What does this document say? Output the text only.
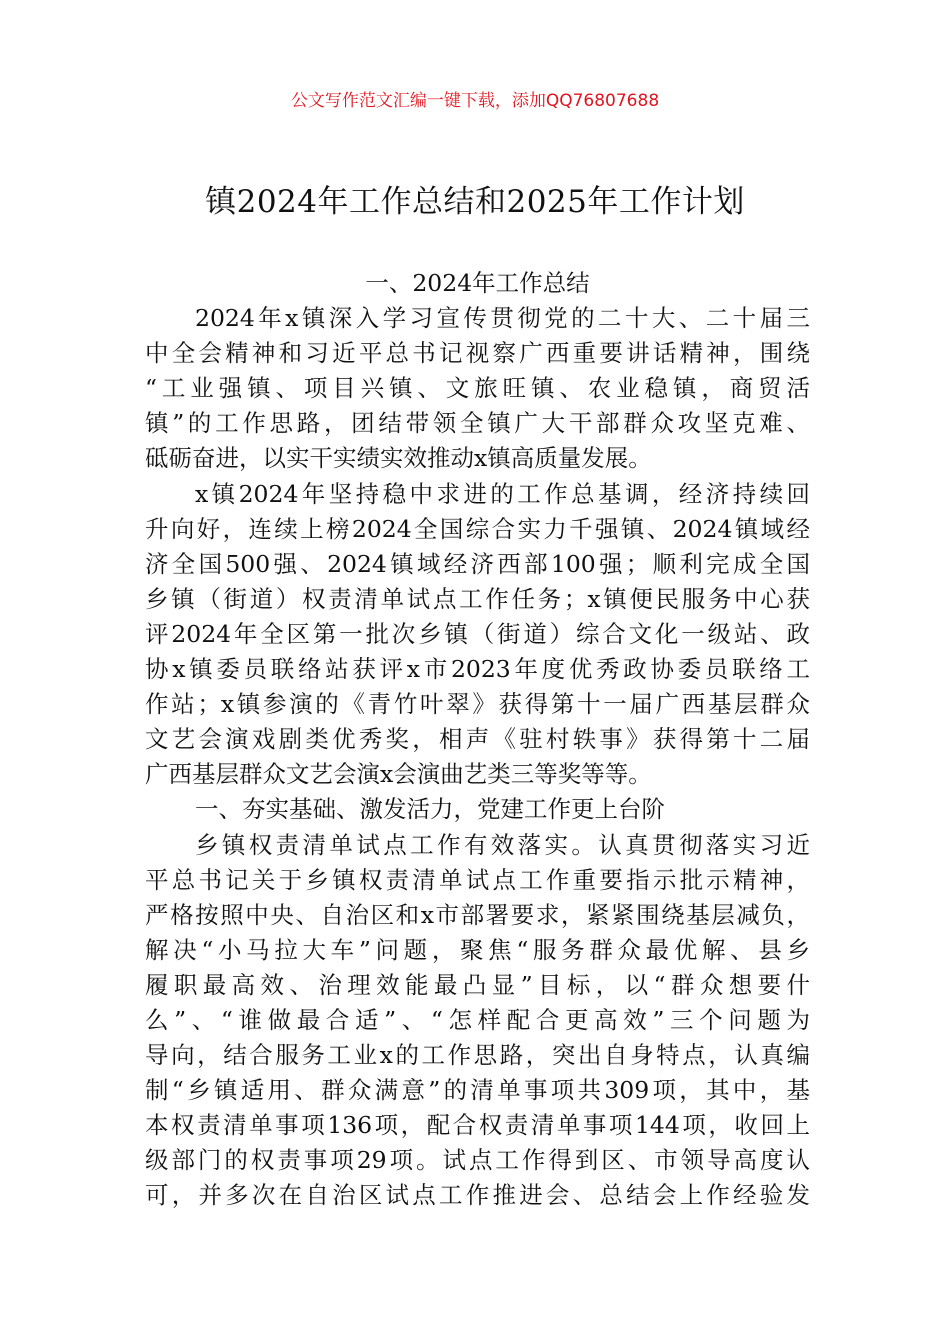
公文写作范文汇编一键下载，添加QQ76807688
镇2024年工作总结和2025年工作计划
一、2024年工作总结
2024年x镇深入学习宣传贯彻党的二十大、二十届三
中全会精神和习近平总书记视察广西重要讲话精神，围绕
“工业强镇、项目兴镇、文旅旺镇、农业稳镇，商贸活
镇”的工作思路，团结带领全镇广大干部群众攻坚克难、
砥砺奋进，以实干实绩实效推动x镇高质量发展。
x镇2024年坚持稳中求进的工作总基调，经济持续回
升向好，连续上榜2024全国综合实力千强镇、2024镇域经
济全国500强、2024镇域经济西部100强；顺利完成全国
乡镇（街道）权责清单试点工作任务；x镇便民服务中心获
评2024年全区第一批次乡镇（街道）综合文化一级站、政
协x镇委员联络站获评x市2023年度优秀政协委员联络工
作站；x镇参演的《青竹叶翠》获得第十一届广西基层群众
文艺会演戏剧类优秀奖，相声《驻村轶事》获得第十二届
广西基层群众文艺会演x会演曲艺类三等奖等等。
一、夯实基础、激发活力，党建工作更上台阶
乡镇权责清单试点工作有效落实。认真贯彻落实习近
平总书记关于乡镇权责清单试点工作重要指示批示精神，
严格按照中央、自治区和x市部署要求，紧紧围绕基层减负，
解决“小马拉大车”问题，聚焦“服务群众最优解、县乡
履职最高效、治理效能最凸显”目标，以“群众想要什
么”、“谁做最合适”、“怎样配合更高效”三个问题为
导向，结合服务工业x的工作思路，突出自身特点，认真编
制“乡镇适用、群众满意”的清单事项共309项，其中，基
本权责清单事项136项，配合权责清单事项144项，收回上
级部门的权责事项29项。试点工作得到区、市领导高度认
可，并多次在自治区试点工作推进会、总结会上作经验发
